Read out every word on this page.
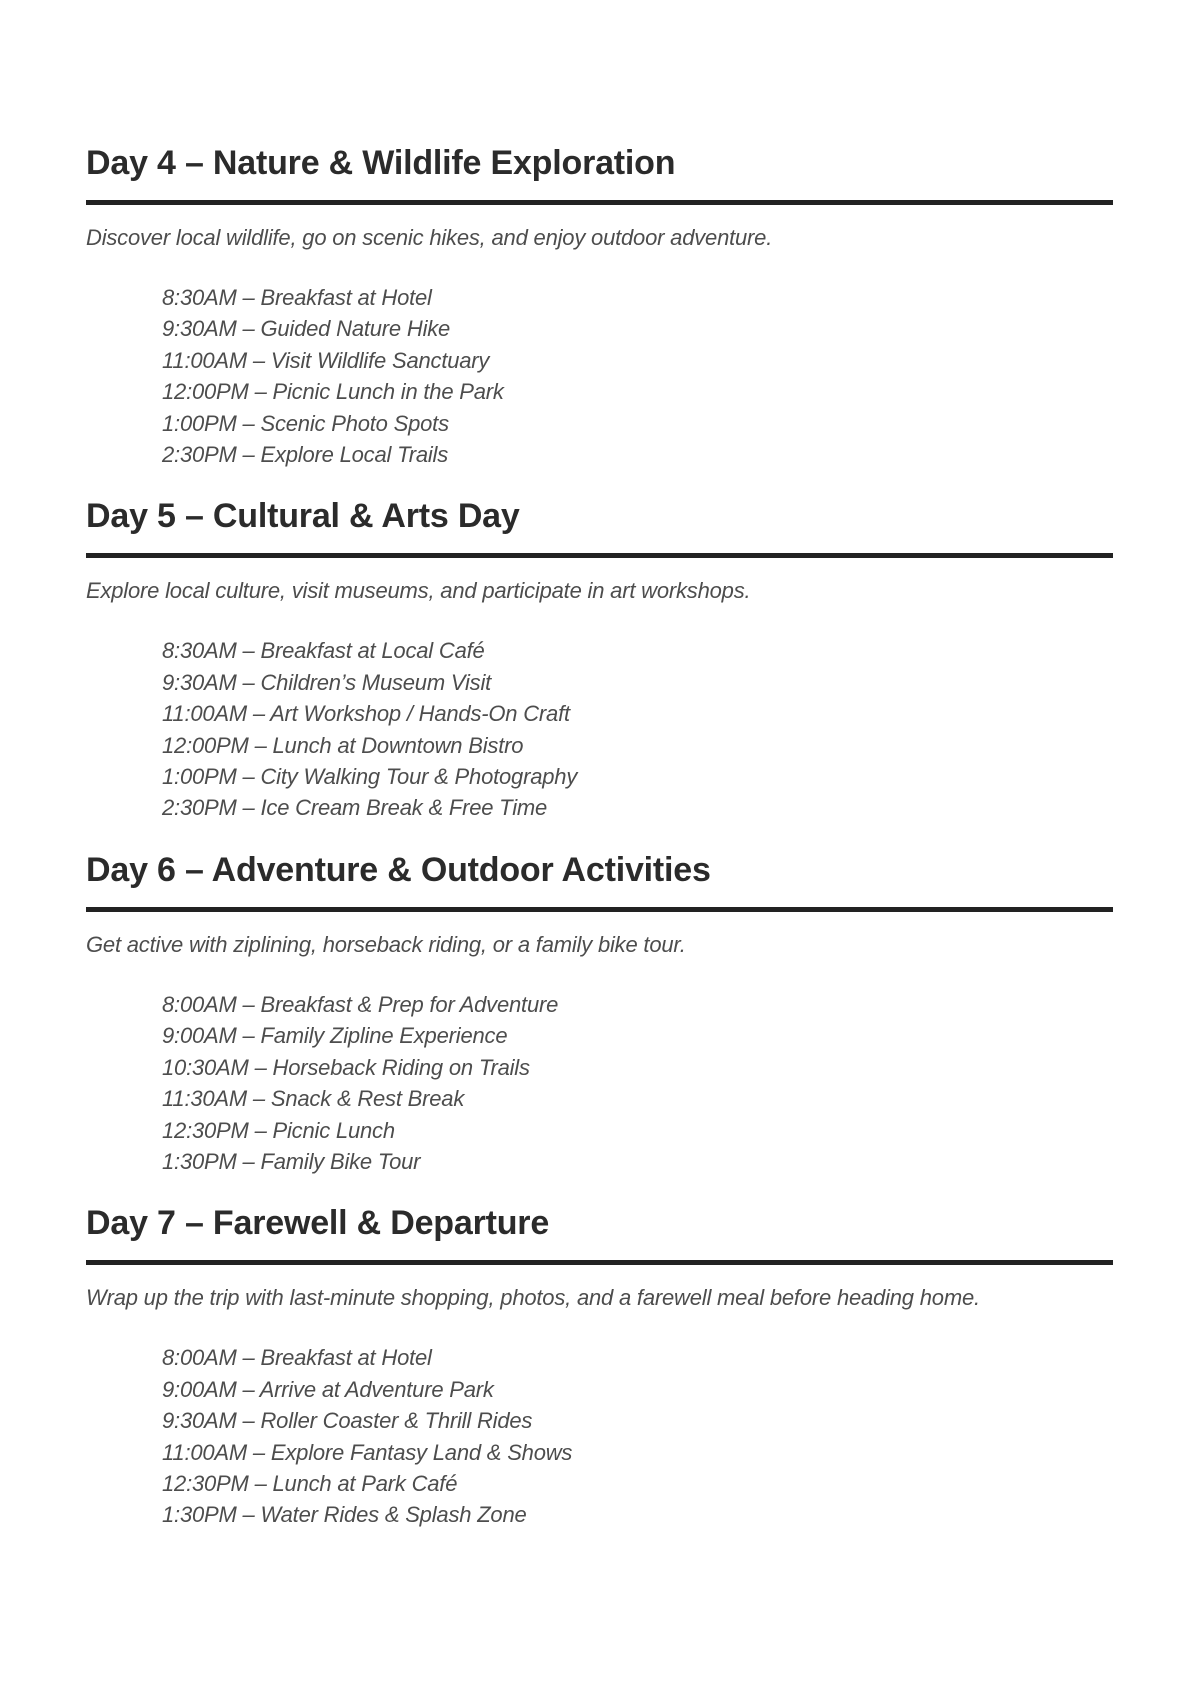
Day 4 – Nature & Wildlife Exploration

Discover local wildlife, go on scenic hikes, and enjoy outdoor adventure.

8:30AM – Breakfast at Hotel
9:30AM – Guided Nature Hike
11:00AM – Visit Wildlife Sanctuary
12:00PM – Picnic Lunch in the Park
1:00PM – Scenic Photo Spots
2:30PM – Explore Local Trails
Day 5 – Cultural & Arts Day

Explore local culture, visit museums, and participate in art workshops.

8:30AM – Breakfast at Local Café
9:30AM – Children’s Museum Visit
11:00AM – Art Workshop / Hands-On Craft
12:00PM – Lunch at Downtown Bistro
1:00PM – City Walking Tour & Photography
2:30PM – Ice Cream Break & Free Time
Day 6 – Adventure & Outdoor Activities

Get active with ziplining, horseback riding, or a family bike tour.

8:00AM – Breakfast & Prep for Adventure
9:00AM – Family Zipline Experience
10:30AM – Horseback Riding on Trails
11:30AM – Snack & Rest Break
12:30PM – Picnic Lunch
1:30PM – Family Bike Tour
Day 7 – Farewell & Departure

Wrap up the trip with last-minute shopping, photos, and a farewell meal before heading home.

8:00AM – Breakfast at Hotel
9:00AM – Arrive at Adventure Park
9:30AM – Roller Coaster & Thrill Rides
11:00AM – Explore Fantasy Land & Shows
12:30PM – Lunch at Park Café
1:30PM – Water Rides & Splash Zone
